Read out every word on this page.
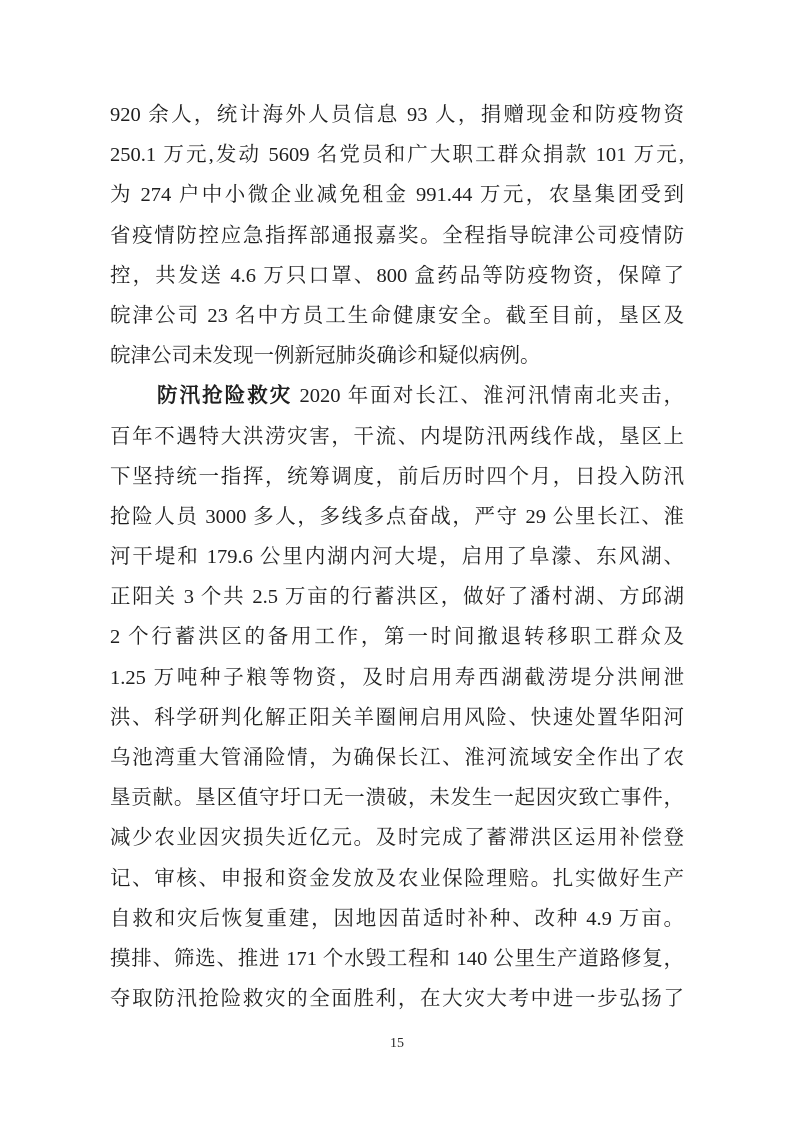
920 余人，统计海外人员信息 93 人，捐赠现金和防疫物资
250.1 万元,发动 5609 名党员和广大职工群众捐款 101 万元,
为 274 户中小微企业减免租金 991.44 万元，农垦集团受到
省疫情防控应急指挥部通报嘉奖。全程指导皖津公司疫情防
控，共发送 4.6 万只口罩、800 盒药品等防疫物资，保障了
皖津公司 23 名中方员工生命健康安全。截至目前，垦区及
皖津公司未发现一例新冠肺炎确诊和疑似病例。
防汛抢险救灾 2020 年面对长江、淮河汛情南北夹击，
百年不遇特大洪涝灾害，干流、内堤防汛两线作战，垦区上
下坚持统一指挥，统筹调度，前后历时四个月，日投入防汛
抢险人员 3000 多人，多线多点奋战，严守 29 公里长江、淮
河干堤和 179.6 公里内湖内河大堤，启用了阜濛、东风湖、
正阳关 3 个共 2.5 万亩的行蓄洪区，做好了潘村湖、方邱湖
2 个行蓄洪区的备用工作，第一时间撤退转移职工群众及
1.25 万吨种子粮等物资，及时启用寿西湖截涝堤分洪闸泄
洪、科学研判化解正阳关羊圈闸启用风险、快速处置华阳河
乌池湾重大管涌险情，为确保长江、淮河流域安全作出了农
垦贡献。垦区值守圩口无一溃破，未发生一起因灾致亡事件，
减少农业因灾损失近亿元。及时完成了蓄滞洪区运用补偿登
记、审核、申报和资金发放及农业保险理赔。扎实做好生产
自救和灾后恢复重建，因地因苗适时补种、改种 4.9 万亩。
摸排、筛选、推进 171 个水毁工程和 140 公里生产道路修复，
夺取防汛抢险救灾的全面胜利，在大灾大考中进一步弘扬了
15
